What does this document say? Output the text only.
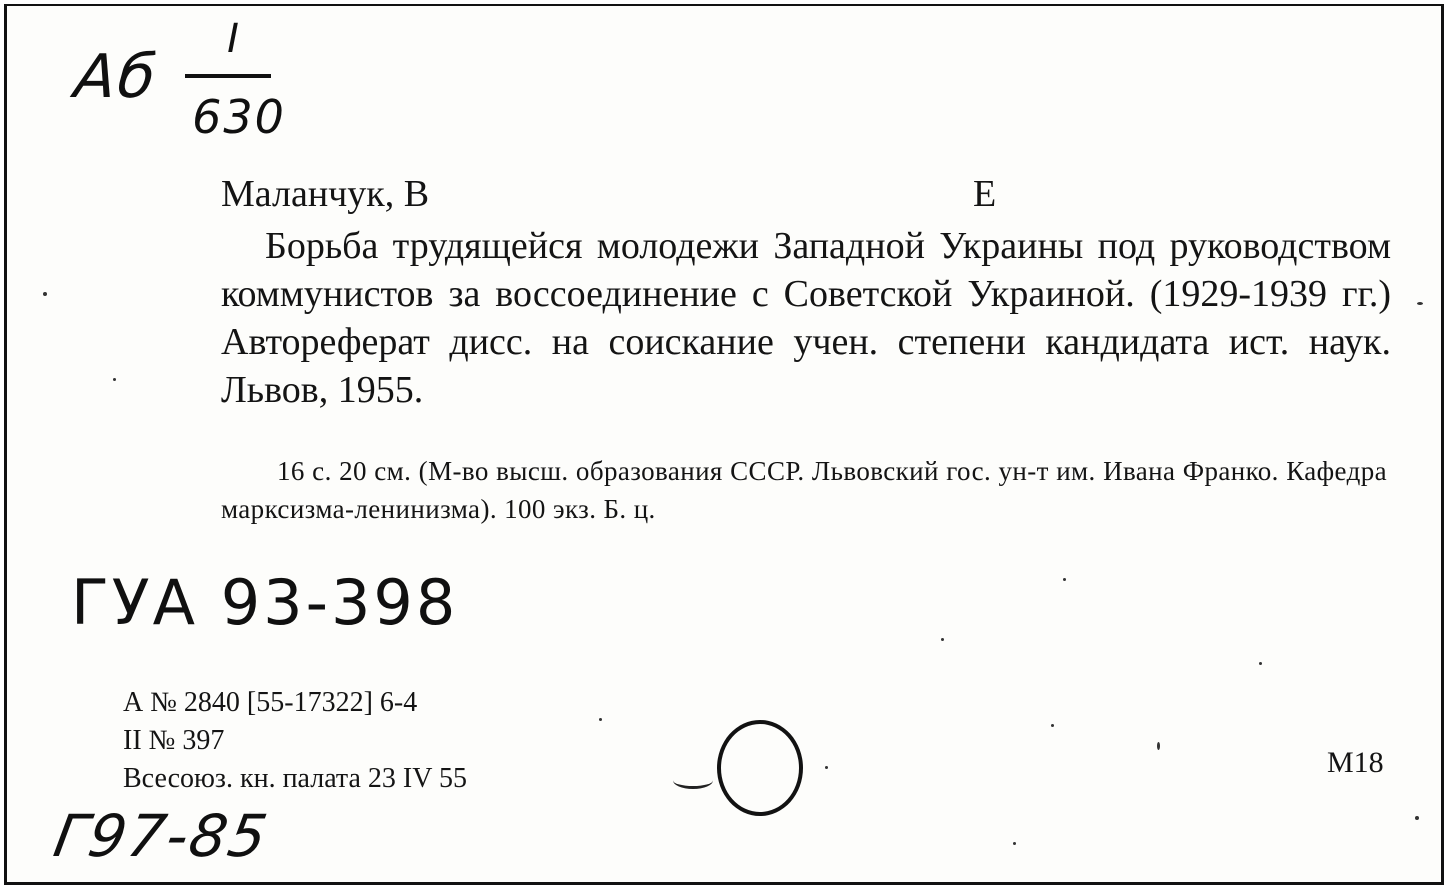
Аб
I
630
Маланчук, В	Е

Борьба трудящейся молодежи Западной Украины под руководством коммунистов за воссоединение с Советской Украиной. (1929-1939 гг.) Автореферат дисс. на соискание учен. степени кандидата ист. наук. Львов, 1955.

16 с. 20 см. (М-во высш. образования СССР. Львовский гос. ун-т им. Ивана Франко. Кафедра марксизма-ленинизма). 100 экз. Б. ц.

ГУА 93-398
А № 2840 [55-17322] 6-4
II № 397
Всесоюз. кн. палата 23 IV 55	М18
Г97-85
